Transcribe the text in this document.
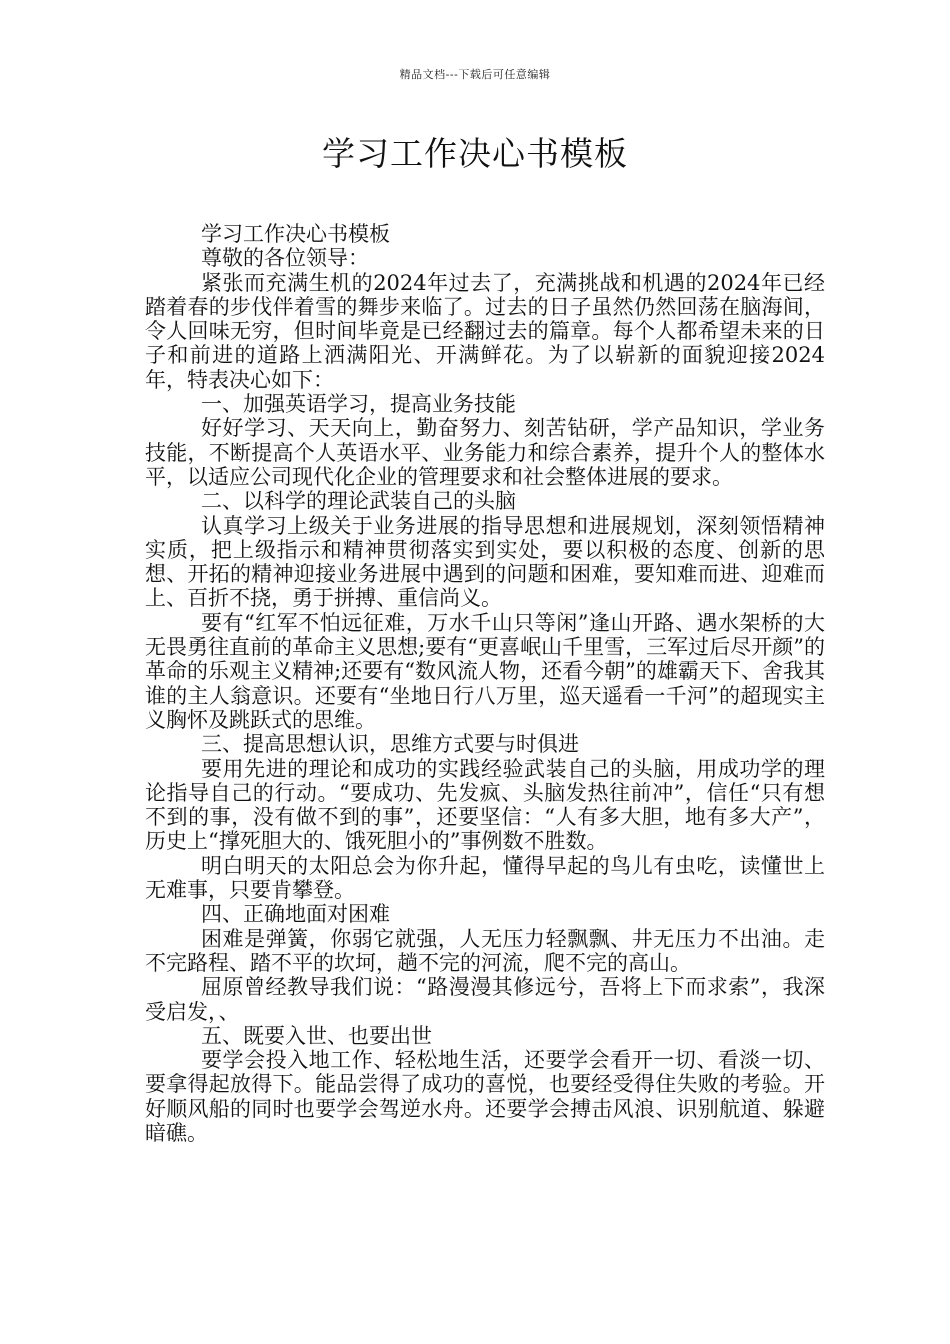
精品文档---下载后可任意编辑
学习工作决心书模板

学习工作决心书模板

尊敬的各位领导：

紧张而充满生机的2024年过去了，充满挑战和机遇的2024年已经踏着春的步伐伴着雪的舞步来临了。过去的日子虽然仍然回荡在脑海间，令人回味无穷，但时间毕竟是已经翻过去的篇章。每个人都希望未来的日子和前进的道路上洒满阳光、开满鲜花。为了以崭新的面貌迎接2024年，特表决心如下：

一、加强英语学习，提高业务技能

好好学习、天天向上，勤奋努力、刻苦钻研，学产品知识，学业务技能，不断提高个人英语水平、业务能力和综合素养，提升个人的整体水平，以适应公司现代化企业的管理要求和社会整体进展的要求。

二、以科学的理论武装自己的头脑

认真学习上级关于业务进展的指导思想和进展规划，深刻领悟精神实质，把上级指示和精神贯彻落实到实处，要以积极的态度、创新的思想、开拓的精神迎接业务进展中遇到的问题和困难，要知难而进、迎难而上、百折不挠，勇于拼搏、重信尚义。

要有“红军不怕远征难，万水千山只等闲”逢山开路、遇水架桥的大无畏勇往直前的革命主义思想;要有“更喜岷山千里雪，三军过后尽开颜”的革命的乐观主义精神;还要有“数风流人物，还看今朝”的雄霸天下、舍我其谁的主人翁意识。还要有“坐地日行八万里，巡天遥看一千河”的超现实主义胸怀及跳跃式的思维。

三、提高思想认识，思维方式要与时俱进

要用先进的理论和成功的实践经验武装自己的头脑，用成功学的理论指导自己的行动。“要成功、先发疯、头脑发热往前冲”，信任“只有想不到的事，没有做不到的事”，还要坚信：“人有多大胆，地有多大产”，历史上“撑死胆大的、饿死胆小的”事例数不胜数。

明白明天的太阳总会为你升起，懂得早起的鸟儿有虫吃，读懂世上无难事，只要肯攀登。

四、正确地面对困难

困难是弹簧，你弱它就强，人无压力轻飘飘、井无压力不出油。走不完路程、踏不平的坎坷，趟不完的河流，爬不完的高山。

屈原曾经教导我们说：“路漫漫其修远兮，吾将上下而求索”，我深受启发，、

五、既要入世、也要出世

要学会投入地工作、轻松地生活，还要学会看开一切、看淡一切、要拿得起放得下。能品尝得了成功的喜悦，也要经受得住失败的考验。开好顺风船的同时也要学会驾逆水舟。还要学会搏击风浪、识别航道、躲避暗礁。
